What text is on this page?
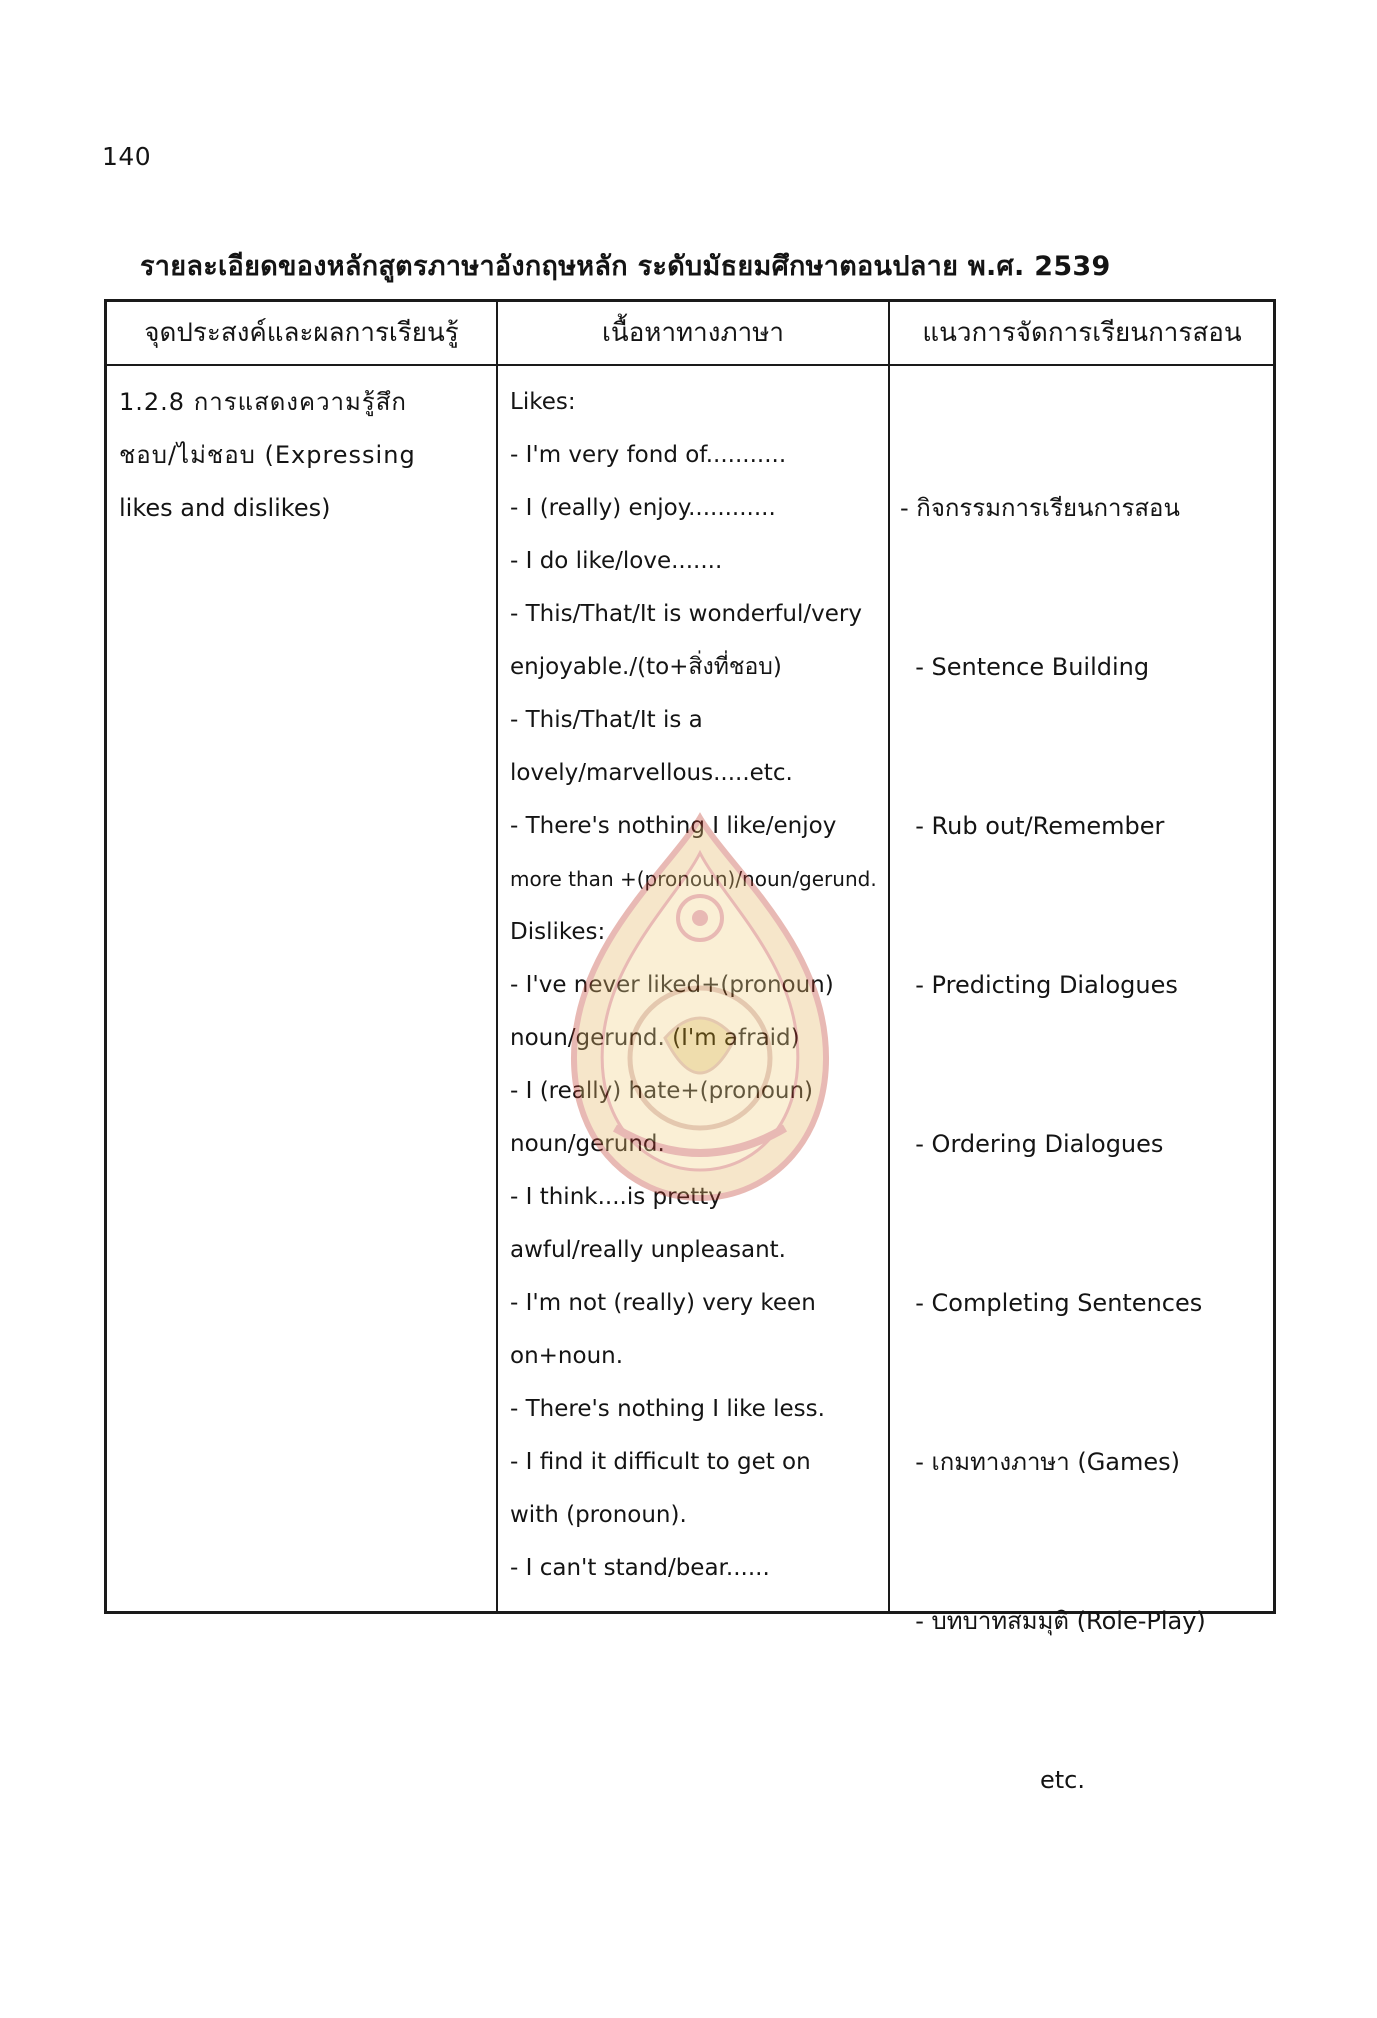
140
รายละเอียดของหลักสูตรภาษาอังกฤษหลัก ระดับมัธยมศึกษาตอนปลาย พ.ศ. 2539
จุดประสงค์และผลการเรียนรู้	เนื้อหาทางภาษา	แนวการจัดการเรียนการสอน
1.2.8 การแสดงความรู้สึก
ชอบ/ไม่ชอบ (Expressing
likes and dislikes)
Likes:
- I'm very fond of...........
- I (really) enjoy............
- I do like/love.......
- This/That/It is wonderful/very
enjoyable./(to+สิ่งที่ชอบ)
- This/That/It is a
lovely/marvellous.....etc.
- There's nothing I like/enjoy
more than +(pronoun)/noun/gerund.
Dislikes:
- I've never liked+(pronoun)
noun/gerund. (I'm afraid)
- I (really) hate+(pronoun)
noun/gerund.
- I think....is pretty
awful/really unpleasant.
- I'm not (really) very keen
on+noun.
- There's nothing I like less.
- I find it difficult to get on
with (pronoun).
- I can't stand/bear......

- กิจกรรมการเรียนการสอน

- Sentence Building

- Rub out/Remember

- Predicting Dialogues

- Ordering Dialogues

- Completing Sentences

- เกมทางภาษา (Games)

- บทบาทสมมุติ (Role-Play)

etc.
